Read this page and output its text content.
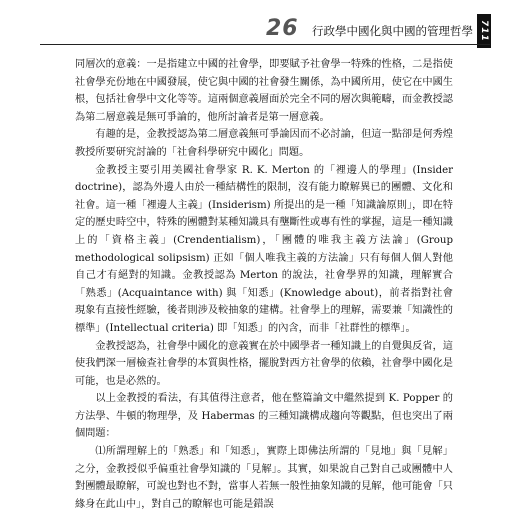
26 行政學中國化與中國的管理哲學 711

同層次的意義：一是指建立中國的社會學，即要賦予社會學一特殊的性格，二是指使社會學充份地在中國發展，使它與中國的社會發生關係，為中國所用，使它在中國生根，包括社會學中文化等等。這兩個意義層面於完全不同的層次與範疇，而金教授認為第二層意義是無可爭論的，他所討論者是第一層意義。

有趣的是，金教授認為第二層意義無可爭論因而不必討論，但這一點卻是何秀煌教授所要研究討論的「社會科學研究中國化」問題。

金教授主要引用美國社會學家 R. K. Merton 的「裡邊人的學理」(Insider doctrine)，認為外邊人由於一種結構性的限制，沒有能力瞭解異已的團體、文化和社會。這一種「裡邊人主義」(Insiderism) 所提出的是一種「知識論原則」，即在特定的歷史時空中，特殊的團體對某種知識具有壟斷性或專有性的掌握，這是一種知識上的「資格主義」(Crendentialism)，「團體的唯我主義方法論」(Group methodological solipsism) 正如「個人唯我主義的方法論」只有每個人個人對他自己才有絕對的知識。金教授認為 Merton 的說法，社會學界的知識，理解實合「熟悉」(Acquaintance with) 與「知悉」(Knowledge about)，前者指對社會現象有直接性經驗，後者則涉及較抽象的建構。社會學上的理解，需要兼「知識性的標準」(Intellectual criteria) 即「知悉」的內含，而非「社群性的標準」。

金教授認為，社會學中國化的意義實在於中國學者一種知識上的自覺與反省，這使我們深一層檢查社會學的本質與性格，擺脫對西方社會學的依賴，社會學中國化是可能，也是必然的。

以上金教授的看法，有其值得注意者，他在整篇論文中繼然提到 K. Popper 的方法學、牛頓的物理學，及 Habermas 的三種知識構成趨向等觀點，但也突出了兩個問題：

⑴所謂理解上的「熟悉」和「知悉」，實際上即佛法所謂的「見地」與「見解」之分，金教授似乎偏重社會學知識的「見解」。其實，如果說自己對自己或團體中人對團體最瞭解，可說也對也不對，當事人若無一般性抽象知識的見解，他可能會「只緣身在此山中」，對自己的瞭解也可能是錯誤
